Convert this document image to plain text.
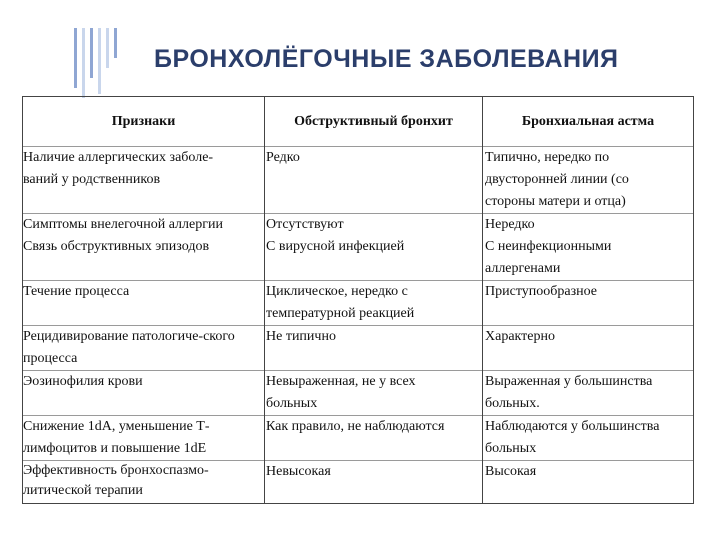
БРОНХОЛЁГОЧНЫЕ ЗАБОЛЕВАНИЯ
Признаки	Обструктивный бронхит	Бронхиальная астма

Наличие аллергических заболе-ваний у родственников	Редко	Типично, нередко по двусторонней линии (со стороны матери и отца)

Симптомы внелегочной аллергии	Отсутствуют	Нередко

Связь обструктивных эпизодов	С вирусной инфекцией	С неинфекционными аллергенами

Течение процесса	Циклическое, нередко с температурной реакцией	Приступообразное

Рецидивирование патологиче-ского процесса	Не типично	Характерно

Эозинофилия крови	Невыраженная, не у всех больных	Выраженная у большинства больных.

Снижение 1dA, уменьшение Т-лимфоцитов и повышение 1dE	Как правило, не наблюдаются	Наблюдаются у большинства больных

Эффективность бронхоспазмо-литической терапии	Невысокая	Высокая
